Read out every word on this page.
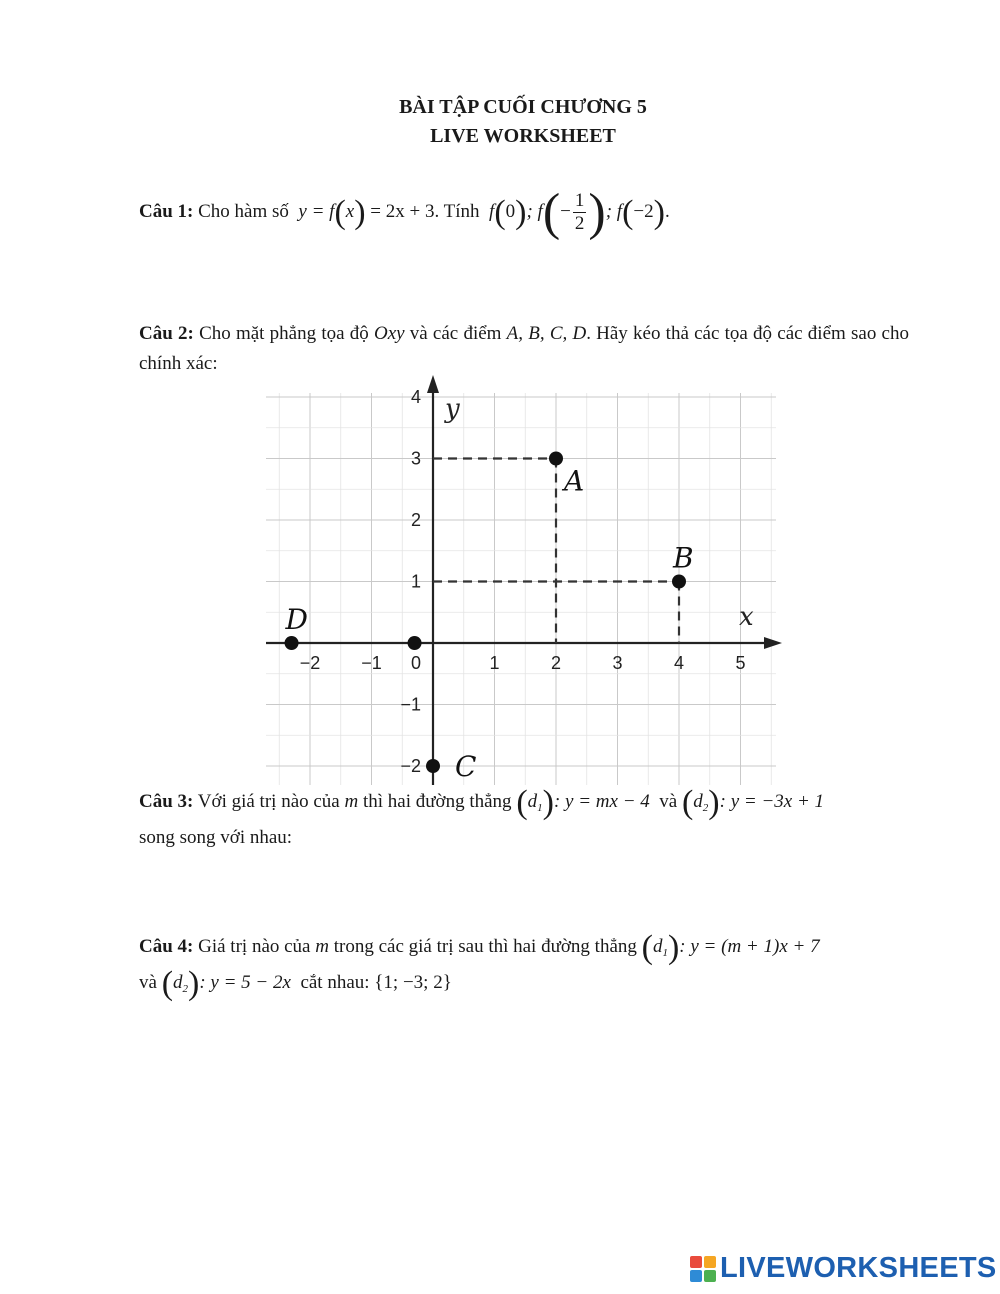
BÀI TẬP CUỐI CHƯƠNG 5
LIVE WORKSHEET
Câu 1: Cho hàm số y = f(x) = 2x + 3. Tính f(0); $f(- \frac{1}{2}$ ); f(−2).
Câu 2: Cho mặt phẳng tọa độ Oxy và các điểm A, B, C, D. Hãy kéo thả các tọa độ các điểm sao cho chính xác:
−2 −1 0	1	2	3	4	5
−2
−1
1
2
3
4
x
y
A
B
C
D
Câu 3: Với giá trị nào của m thì hai đường thẳng $(d_1)$: y = mx − 4 và $(d_2)$: y = −3x + 1
song song với nhau:
Câu 4: Giá trị nào của m trong các giá trị sau thì hai đường thẳng $(d_1)$: y = (m + 1)x + 7
và $(d_2)$: y = 5 − 2x cắt nhau: {1; −3; 2}
LIVEWORKSHEETS
